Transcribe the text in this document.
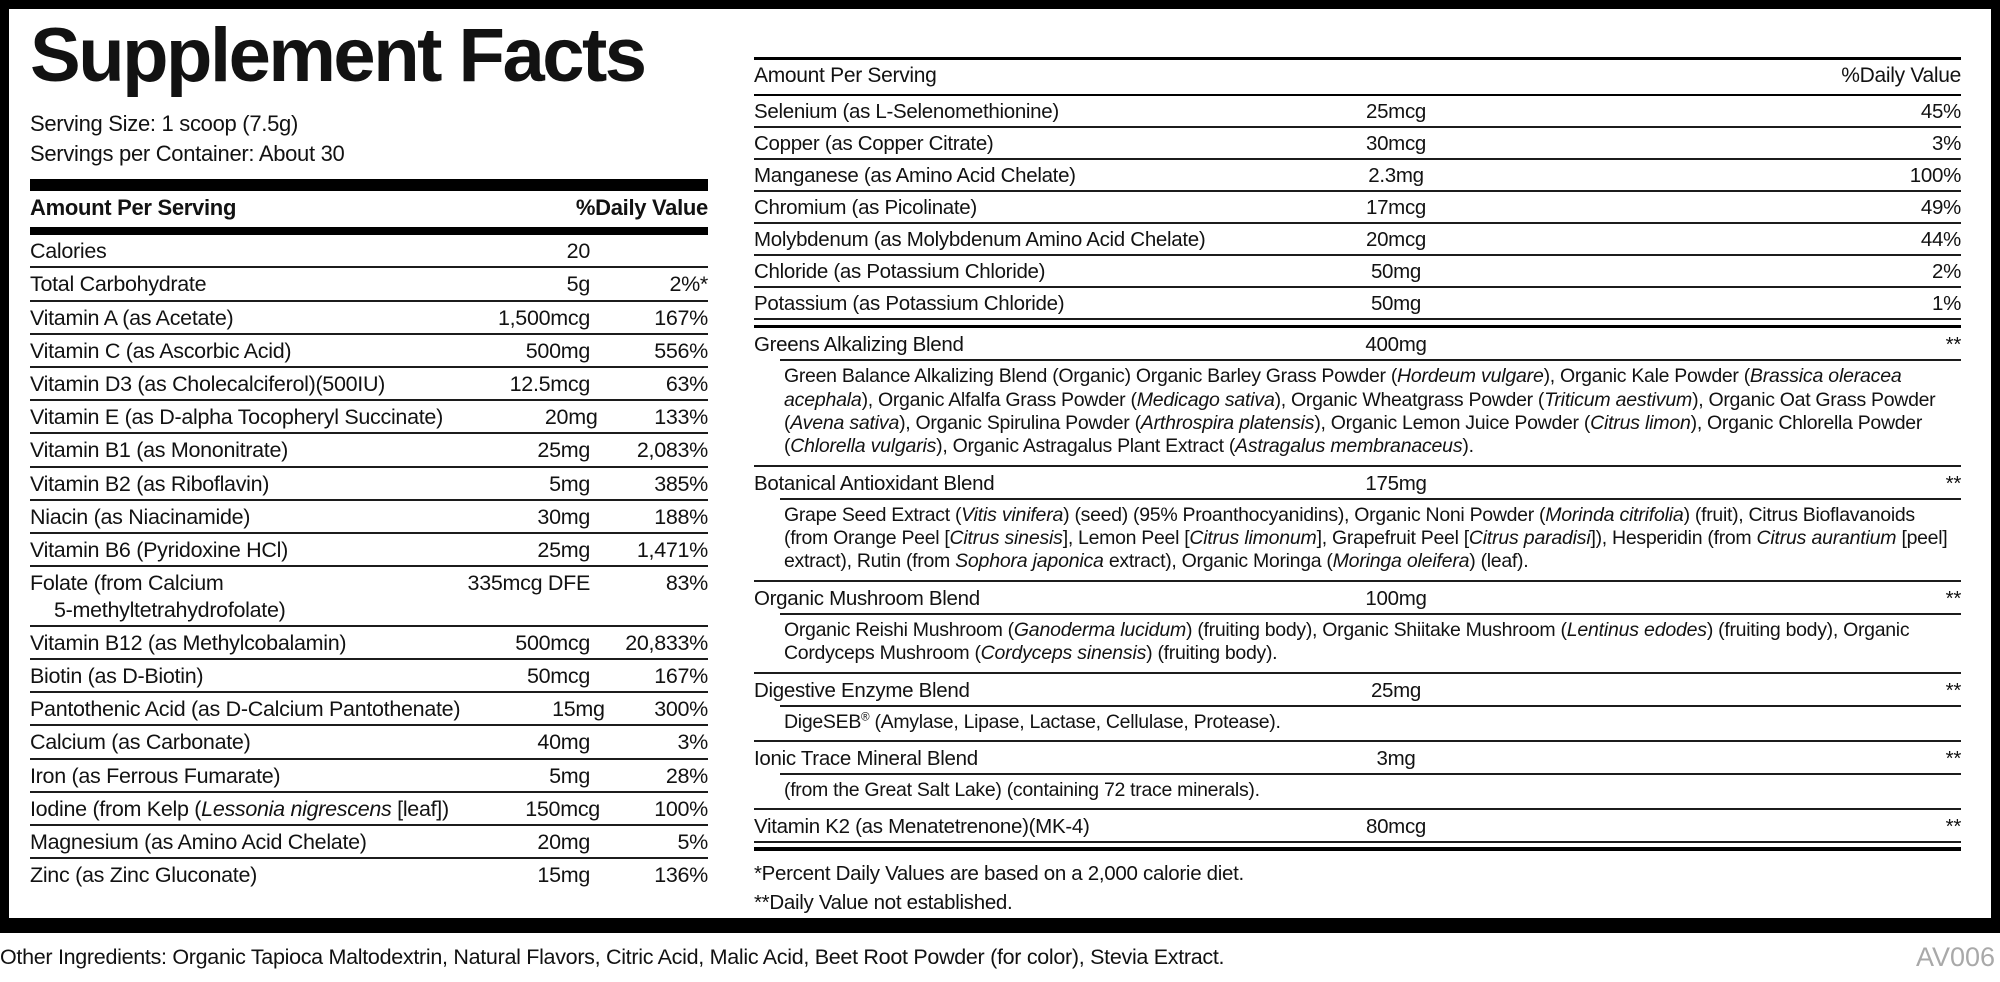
Supplement Facts
Serving Size: 1 scoop (7.5g)
Servings per Container: About 30
Amount Per Serving	%Daily Value
Calories	20
Total Carbohydrate	5g	2%*
Vitamin A (as Acetate)	1,500mcg	167%
Vitamin C (as Ascorbic Acid)	500mg	556%
Vitamin D3 (as Cholecalciferol)(500IU)	12.5mcg	63%
Vitamin E (as D-alpha Tocopheryl Succinate)	20mg	133%
Vitamin B1 (as Mononitrate)	25mg	2,083%
Vitamin B2 (as Riboflavin)	5mg	385%
Niacin (as Niacinamide)	30mg	188%
Vitamin B6 (Pyridoxine HCl)	25mg	1,471%
Folate (from Calcium
5-methyltetrahydrofolate)
335mcg DFE	83%
Vitamin B12 (as Methylcobalamin)	500mcg	20,833%
Biotin (as D-Biotin)	50mcg	167%
Pantothenic Acid (as D-Calcium Pantothenate)	15mg	300%
Calcium (as Carbonate)	40mg	3%
Iron (as Ferrous Fumarate)	5mg	28%
Iodine (from Kelp (Lessonia nigrescens [leaf])	150mcg	100%
Magnesium (as Amino Acid Chelate)	20mg	5%
Zinc (as Zinc Gluconate)	15mg	136%
Amount Per Serving	%Daily Value
Selenium (as L-Selenomethionine)	25mcg	45%
Copper (as Copper Citrate)	30mcg	3%
Manganese (as Amino Acid Chelate)	2.3mg	100%
Chromium (as Picolinate)	17mcg	49%
Molybdenum (as Molybdenum Amino Acid Chelate)	20mcg	44%
Chloride (as Potassium Chloride)	50mg	2%
Potassium (as Potassium Chloride)	50mg	1%
Greens Alkalizing Blend	400mg	**
Green Balance Alkalizing Blend (Organic) Organic Barley Grass Powder (Hordeum vulgare), Organic Kale Powder (Brassica oleracea acephala), Organic Alfalfa Grass Powder (Medicago sativa), Organic Wheatgrass Powder (Triticum aestivum), Organic Oat Grass Powder (Avena sativa), Organic Spirulina Powder (Arthrospira platensis), Organic Lemon Juice Powder (Citrus limon), Organic Chlorella Powder (Chlorella vulgaris), Organic Astragalus Plant Extract (Astragalus membranaceus).
Botanical Antioxidant Blend	175mg	**
Grape Seed Extract (Vitis vinifera) (seed) (95% Proanthocyanidins), Organic Noni Powder (Morinda citrifolia) (fruit), Citrus Bioflavanoids (from Orange Peel [Citrus sinesis], Lemon Peel [Citrus limonum], Grapefruit Peel [Citrus paradisi]), Hesperidin (from Citrus aurantium [peel] extract), Rutin (from Sophora japonica extract), Organic Moringa (Moringa oleifera) (leaf).
Organic Mushroom Blend	100mg	**
Organic Reishi Mushroom (Ganoderma lucidum) (fruiting body), Organic Shiitake Mushroom (Lentinus edodes) (fruiting body), Organic Cordyceps Mushroom (Cordyceps sinensis) (fruiting body).
Digestive Enzyme Blend	25mg	**
DigeSEB® (Amylase, Lipase, Lactase, Cellulase, Protease).
Ionic Trace Mineral Blend	3mg	**
(from the Great Salt Lake) (containing 72 trace minerals).
Vitamin K2 (as Menatetrenone)(MK-4)	80mcg	**
*Percent Daily Values are based on a 2,000 calorie diet.
**Daily Value not established.
Other Ingredients: Organic Tapioca Maltodextrin, Natural Flavors, Citric Acid, Malic Acid, Beet Root Powder (for color), Stevia Extract.	AV006
